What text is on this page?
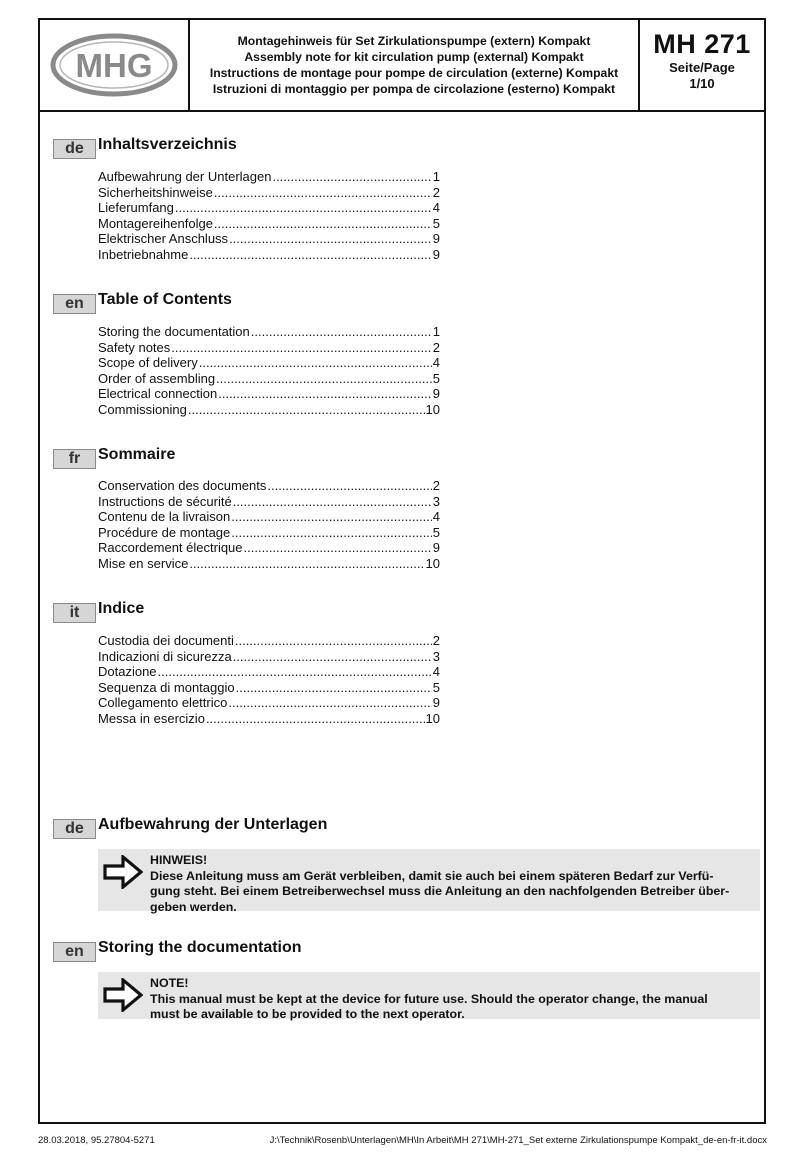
MHG
Montagehinweis für Set Zirkulationspumpe (extern) Kompakt
Assembly note for kit circulation pump (external) Kompakt
Instructions de montage pour pompe de circulation (externe) Kompakt
Istruzioni di montaggio per pompa de circolazione (esterno) Kompakt
MH 271
Seite/Page
1/10
de Inhaltsverzeichnis
Aufbewahrung der Unterlagen .....	1
Sicherheitshinweise .....	2
Lieferumfang .....	4
Montagereihenfolge .....	5
Elektrischer Anschluss .....	9
Inbetriebnahme .....	9
en Table of Contents
Storing the documentation .....	1
Safety notes .....	2
Scope of delivery .....	4
Order of assembling .....	5
Electrical connection .....	9
Commissioning .....	10
fr	Sommaire
Conservation des documents .....	2
Instructions de sécurité .....	3
Contenu de la livraison .....	4
Procédure de montage .....	5
Raccordement électrique .....	9
Mise en service .....	10
it	Indice
Custodia dei documenti .....	2
Indicazioni di sicurezza .....	3
Dotazione .....	4
Sequenza di montaggio .....	5
Collegamento elettrico .....	9
Messa in esercizio .....	10
de Aufbewahrung der Unterlagen
HINWEIS!
Diese Anleitung muss am Gerät verbleiben, damit sie auch bei einem späteren Bedarf zur Verfü-
gung steht. Bei einem Betreiberwechsel muss die Anleitung an den nachfolgenden Betreiber über-
geben werden.
en Storing the documentation
NOTE!
This manual must be kept at the device for future use. Should the operator change, the manual
must be available to be provided to the next operator.
28.03.2018, 95.27804-5271	J:\Technik\Rosenb\Unterlagen\MH\In Arbeit\MH 271\MH-271_Set externe Zirkulationspumpe Kompakt_de-en-fr-it.docx
